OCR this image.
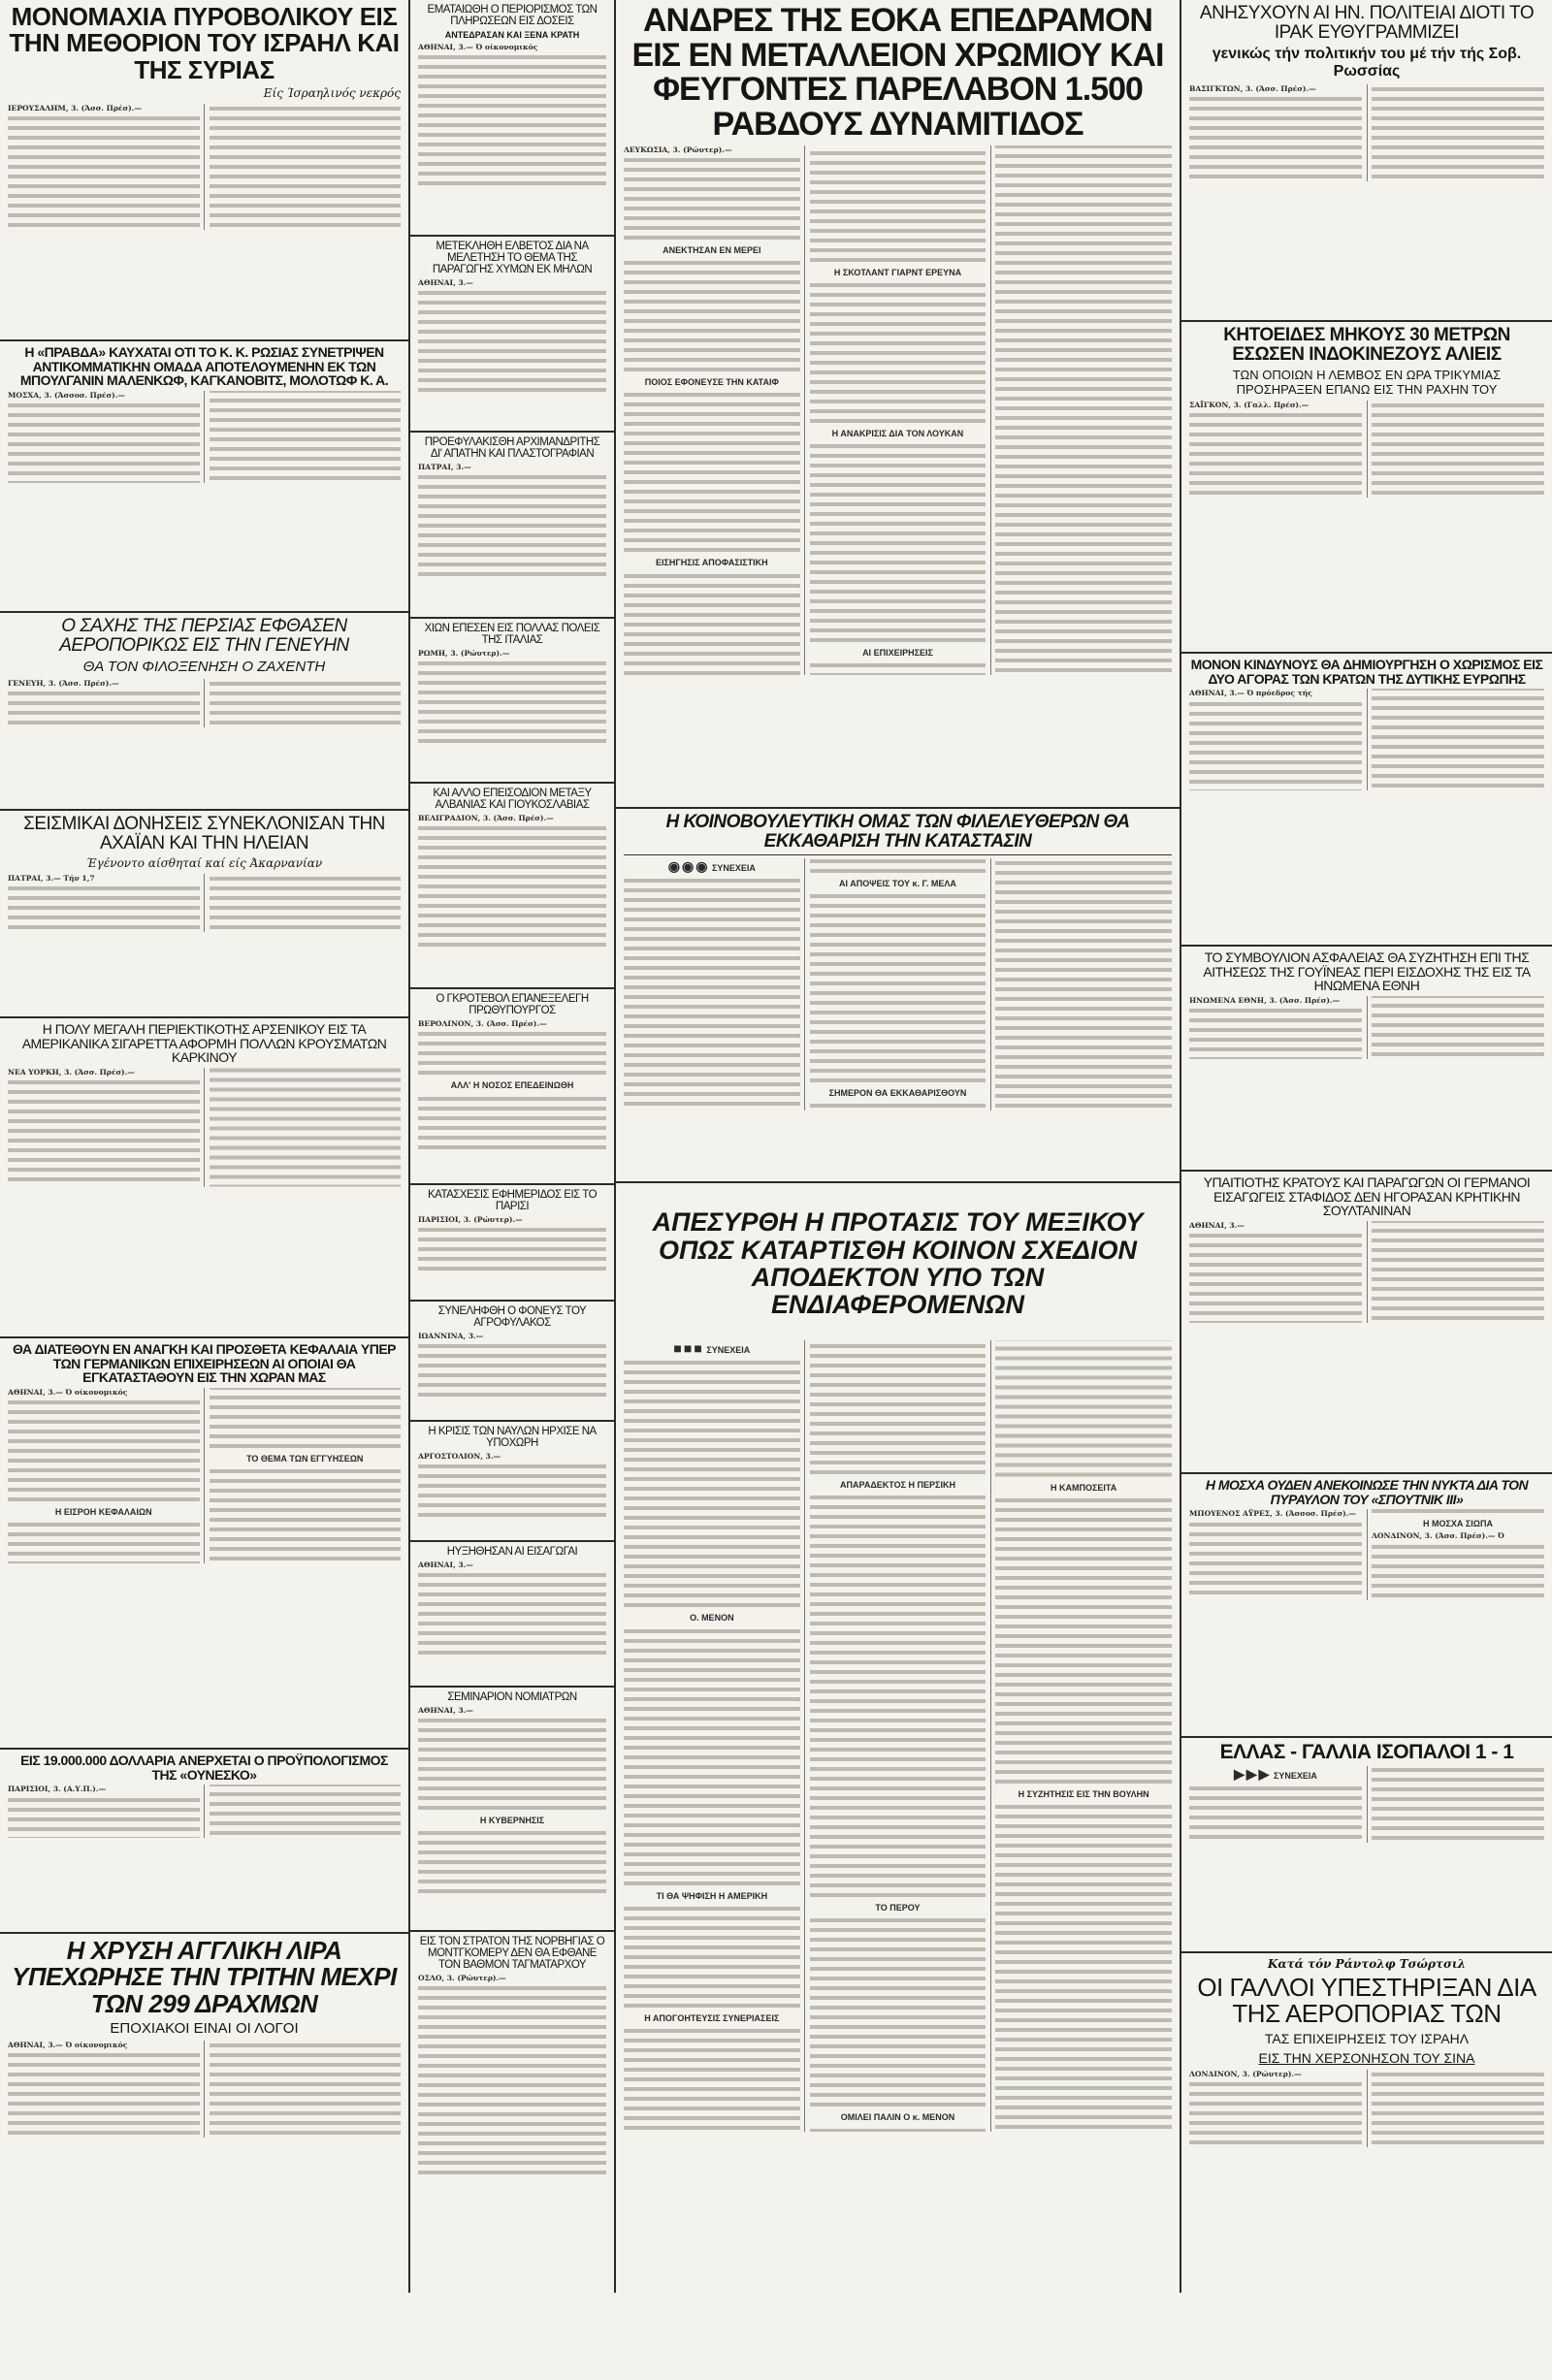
ΜΟΝΟΜΑΧΙΑ ΠΥΡΟΒΟΛΙΚΟΥ ΕΙΣ ΤΗΝ ΜΕΘΟΡΙΟΝ ΤΟΥ ΙΣΡΑΗΛ ΚΑΙ ΤΗΣ ΣΥΡΙΑΣ
Είς Ίσραηλινός νεκρός
ΙΕΡΟΥΣΑΛΗΜ, 3. (Άσσ. Πρέσ).—
Η «ΠΡΑΒΔΑ» ΚΑΥΧΑΤΑΙ ΟΤΙ ΤΟ Κ. Κ. ΡΩΣΙΑΣ ΣΥΝΕΤΡΙΨΕΝ ΑΝΤΙΚΟΜΜΑΤΙΚΗΝ ΟΜΑΔΑ ΑΠΟΤΕΛΟΥΜΕΝΗΝ ΕΚ ΤΩΝ ΜΠΟΥΛΓΑΝΙΝ ΜΑΛΕΝΚΩΦ, ΚΑΓΚΑΝΟΒΙΤΣ, ΜΟΛΟΤΩΦ Κ. Α.
ΜΟΣΧΑ, 3. (Άσσοσ. Πρέσ).—
Ο ΣΑΧΗΣ ΤΗΣ ΠΕΡΣΙΑΣ ΕΦΘΑΣΕΝ ΑΕΡΟΠΟΡΙΚΩΣ ΕΙΣ ΤΗΝ ΓΕΝΕΥΗΝ
ΘΑ ΤΟΝ ΦΙΛΟΞΕΝΗΣΗ Ο ΖΑΧΕΝΤΗ
ΓΕΝΕΥΗ, 3. (Άσσ. Πρέσ).—
ΣΕΙΣΜΙΚΑΙ ΔΟΝΗΣΕΙΣ ΣΥΝΕΚΛΟΝΙΣΑΝ ΤΗΝ ΑΧΑΪΑΝ ΚΑΙ ΤΗΝ ΗΛΕΙΑΝ
Έγένοντο αίσθηταί καί είς Άκαρνανίαν
ΠΑΤΡΑΙ, 3.— Τήν 1,7
Η ΠΟΛΥ ΜΕΓΑΛΗ ΠΕΡΙΕΚΤΙΚΟΤΗΣ ΑΡΣΕΝΙΚΟΥ ΕΙΣ ΤΑ ΑΜΕΡΙΚΑΝΙΚΑ ΣΙΓΑΡΕΤΤΑ ΑΦΟΡΜΗ ΠΟΛΛΩΝ ΚΡΟΥΣΜΑΤΩΝ ΚΑΡΚΙΝΟΥ
ΝΕΑ ΥΟΡΚΗ, 3. (Άσσ. Πρέσ).—
ΘΑ ΔΙΑΤΕΘΟΥΝ ΕΝ ΑΝΑΓΚΗ ΚΑΙ ΠΡΟΣΘΕΤΑ ΚΕΦΑΛΑΙΑ ΥΠΕΡ ΤΩΝ ΓΕΡΜΑΝΙΚΩΝ ΕΠΙΧΕΙΡΗΣΕΩΝ ΑΙ ΟΠΟΙΑΙ ΘΑ ΕΓΚΑΤΑΣΤΑΘΟΥΝ ΕΙΣ ΤΗΝ ΧΩΡΑΝ ΜΑΣ
ΑΘΗΝΑΙ, 3.— Ό οίκονομικός
Η ΕΙΣΡΟΗ ΚΕΦΑΛΑΙΩΝ
ΤΟ ΘΕΜΑ ΤΩΝ ΕΓΓΥΗΣΕΩΝ
ΕΙΣ 19.000.000 ΔΟΛΛΑΡΙΑ ΑΝΕΡΧΕΤΑΙ Ο ΠΡΟΫΠΟΛΟΓΙΣΜΟΣ ΤΗΣ «ΟΥΝΕΣΚΟ»
ΠΑΡΙΣΙΟΙ, 3. (Α.Υ.Π.).—
Η ΧΡΥΣΗ ΑΓΓΛΙΚΗ ΛΙΡΑ ΥΠΕΧΩΡΗΣΕ ΤΗΝ ΤΡΙΤΗΝ ΜΕΧΡΙ ΤΩΝ 299 ΔΡΑΧΜΩΝ
ΕΠΟΧΙΑΚΟΙ ΕΙΝΑΙ ΟΙ ΛΟΓΟΙ
ΑΘΗΝΑΙ, 3.— Ό οίκονομικός
ΕΜΑΤΑΙΩΘΗ Ο ΠΕΡΙΟΡΙΣΜΟΣ ΤΩΝ ΠΛΗΡΩΣΕΩΝ ΕΙΣ ΔΟΣΕΙΣ
ΑΝΤΕΔΡΑΣΑΝ ΚΑΙ ΞΕΝΑ ΚΡΑΤΗ
ΑΘΗΝΑΙ, 3.— Ό οίκονομικός
ΜΕΤΕΚΛΗΘΗ ΕΛΒΕΤΟΣ ΔΙΑ ΝΑ ΜΕΛΕΤΗΣΗ ΤΟ ΘΕΜΑ ΤΗΣ ΠΑΡΑΓΩΓΗΣ ΧΥΜΩΝ ΕΚ ΜΗΛΩΝ
ΑΘΗΝΑΙ, 3.—
ΠΡΟΕΦΥΛΑΚΙΣΘΗ ΑΡΧΙΜΑΝΔΡΙΤΗΣ ΔΙ' ΑΠΑΤΗΝ ΚΑΙ ΠΛΑΣΤΟΓΡΑΦΙΑΝ
ΠΑΤΡΑΙ, 3.—
ΧΙΩΝ ΕΠΕΣΕΝ ΕΙΣ ΠΟΛΛΑΣ ΠΟΛΕΙΣ ΤΗΣ ΙΤΑΛΙΑΣ
ΡΩΜΗ, 3. (Ρώυτερ).—
ΚΑΙ ΑΛΛΟ ΕΠΕΙΣΟΔΙΟΝ ΜΕΤΑΞΥ ΑΛΒΑΝΙΑΣ ΚΑΙ ΓΙΟΥΚΟΣΛΑΒΙΑΣ
ΒΕΛΙΓΡΑΔΙΟΝ, 3. (Άσσ. Πρέσ).—
Ο ΓΚΡΟΤΕΒΟΛ ΕΠΑΝΕΞΕΛΕΓΗ ΠΡΩΘΥΠΟΥΡΓΟΣ
ΒΕΡΟΛΙΝΟΝ, 3. (Άσσ. Πρέσ).—
ΑΛΛ' Η ΝΟΣΟΣ ΕΠΕΔΕΙΝΩΘΗ
ΚΑΤΑΣΧΕΣΙΣ ΕΦΗΜΕΡΙΔΟΣ ΕΙΣ ΤΟ ΠΑΡΙΣΙ
ΠΑΡΙΣΙΟΙ, 3. (Ρώυτερ).—
ΣΥΝΕΛΗΦΘΗ Ο ΦΟΝΕΥΣ ΤΟΥ ΑΓΡΟΦΥΛΑΚΟΣ
ΙΩΑΝΝΙΝΑ, 3.—
Η ΚΡΙΣΙΣ ΤΩΝ ΝΑΥΛΩΝ ΗΡΧΙΣΕ ΝΑ ΥΠΟΧΩΡΗ
ΑΡΓΟΣΤΟΛΙΟΝ, 3.—
ΗΥΞΗΘΗΣΑΝ ΑΙ ΕΙΣΑΓΩΓΑΙ
ΑΘΗΝΑΙ, 3.—
ΣΕΜΙΝΑΡΙΟΝ ΝΟΜΙΑΤΡΩΝ
ΑΘΗΝΑΙ, 3.—
Η ΚΥΒΕΡΝΗΣΙΣ
ΕΙΣ ΤΟΝ ΣΤΡΑΤΟΝ ΤΗΣ ΝΟΡΒΗΓΙΑΣ Ο ΜΟΝΤΓΚΟΜΕΡΥ ΔΕΝ ΘΑ ΕΦΘΑΝΕ ΤΟΝ ΒΑΘΜΟΝ ΤΑΓΜΑΤΑΡΧΟΥ
ΟΣΛΟ, 3. (Ρώυτερ).—
ΑΝΔΡΕΣ ΤΗΣ ΕΟΚΑ ΕΠΕΔΡΑΜΟΝ ΕΙΣ ΕΝ ΜΕΤΑΛΛΕΙΟΝ ΧΡΩΜΙΟΥ ΚΑΙ ΦΕΥΓΟΝΤΕΣ ΠΑΡΕΛΑΒΟΝ 1.500 ΡΑΒΔΟΥΣ ΔΥΝΑΜΙΤΙΔΟΣ
ΛΕΥΚΩΣΙΑ, 3. (Ρώυτερ).—
ΑΝΕΚΤΗΣΑΝ ΕΝ ΜΕΡΕΙ
ΠΟΙΟΣ ΕΦΟΝΕΥΣΕ ΤΗΝ ΚΑΤΑΙΦ
ΕΙΣΗΓΗΣΙΣ ΑΠΟΦΑΣΙΣΤΙΚΗ
Η ΣΚΟΤΛΑΝΤ ΓΙΑΡΝΤ ΕΡΕΥΝΑ
Η ΑΝΑΚΡΙΣΙΣ ΔΙΑ ΤΟΝ ΛΟΥΚΑΝ
ΑΙ ΕΠΙΧΕΙΡΗΣΕΙΣ
Η ΚΟΙΝΟΒΟΥΛΕΥΤΙΚΗ ΟΜΑΣ ΤΩΝ ΦΙΛΕΛΕΥΘΕΡΩΝ ΘΑ ΕΚΚΑΘΑΡΙΣΗ ΤΗΝ ΚΑΤΑΣΤΑΣΙΝ
◉◉◉ ΣΥΝΕΧΕΙΑ
ΑΙ ΑΠΟΨΕΙΣ ΤΟΥ κ. Γ. ΜΕΛΑ
ΣΗΜΕΡΟΝ ΘΑ ΕΚΚΑΘΑΡΙΣΘΟΥΝ
ΑΠΕΣΥΡΘΗ Η ΠΡΟΤΑΣΙΣ ΤΟΥ ΜΕΞΙΚΟΥ ΟΠΩΣ ΚΑΤΑΡΤΙΣΘΗ ΚΟΙΝΟΝ ΣΧΕΔΙΟΝ ΑΠΟΔΕΚΤΟΝ ΥΠΟ ΤΩΝ ΕΝΔΙΑΦΕΡΟΜΕΝΩΝ
■■■ ΣΥΝΕΧΕΙΑ
Ο. ΜΕΝΟΝ
ΤΙ ΘΑ ΨΗΦΙΣΗ Η ΑΜΕΡΙΚΗ
Η ΑΠΟΓΟΗΤΕΥΣΙΣ ΣΥΝΕΡΙΑΣΕΙΣ
ΑΠΑΡΑΔΕΚΤΟΣ Η ΠΕΡΣΙΚΗ
ΤΟ ΠΕΡΟΥ
ΟΜΙΛΕΙ ΠΑΛΙΝ Ο κ. ΜΕΝΟΝ
Η ΚΑΜΠΟΣΕΙΤΑ
Η ΣΥΖΗΤΗΣΙΣ ΕΙΣ ΤΗΝ ΒΟΥΛΗΝ
ΑΝΗΣΥΧΟΥΝ ΑΙ ΗΝ. ΠΟΛΙΤΕΙΑΙ ΔΙΟΤΙ ΤΟ ΙΡΑΚ ΕΥΘΥΓΡΑΜΜΙΖΕΙ
γενικώς τήν πολιτικήν του μέ τήν τής Σοβ. Ρωσσίας
ΒΑΣΙΓΚΤΩΝ, 3. (Άσσ. Πρέσ).—
ΚΗΤΟΕΙΔΕΣ ΜΗΚΟΥΣ 30 ΜΕΤΡΩΝ ΕΣΩΣΕΝ ΙΝΔΟΚΙΝΕΖΟΥΣ ΑΛΙΕΙΣ
ΤΩΝ ΟΠΟΙΩΝ Η ΛΕΜΒΟΣ ΕΝ ΩΡΑ ΤΡΙΚΥΜΙΑΣ ΠΡΟΣΗΡΑΞΕΝ ΕΠΑΝΩ ΕΙΣ ΤΗΝ ΡΑΧΗΝ ΤΟΥ
ΣΑΪΓΚΟΝ, 3. (Γαλλ. Πρέσ).—
ΜΟΝΟΝ ΚΙΝΔΥΝΟΥΣ ΘΑ ΔΗΜΙΟΥΡΓΗΣΗ Ο ΧΩΡΙΣΜΟΣ ΕΙΣ ΔΥΟ ΑΓΟΡΑΣ ΤΩΝ ΚΡΑΤΩΝ ΤΗΣ ΔΥΤΙΚΗΣ ΕΥΡΩΠΗΣ
ΑΘΗΝΑΙ, 3.— Ό πρόεδρος τής
ΤΟ ΣΥΜΒΟΥΛΙΟΝ ΑΣΦΑΛΕΙΑΣ ΘΑ ΣΥΖΗΤΗΣΗ ΕΠΙ ΤΗΣ ΑΙΤΗΣΕΩΣ ΤΗΣ ΓΟΥΪΝΕΑΣ ΠΕΡΙ ΕΙΣΔΟΧΗΣ ΤΗΣ ΕΙΣ ΤΑ ΗΝΩΜΕΝΑ ΕΘΝΗ
ΗΝΩΜΕΝΑ ΕΘΝΗ, 3. (Άσσ. Πρέσ).—
ΥΠΑΙΤΙΟΤΗΣ ΚΡΑΤΟΥΣ ΚΑΙ ΠΑΡΑΓΩΓΩΝ ΟΙ ΓΕΡΜΑΝΟΙ ΕΙΣΑΓΩΓΕΙΣ ΣΤΑΦΙΔΟΣ ΔΕΝ ΗΓΟΡΑΣΑΝ ΚΡΗΤΙΚΗΝ ΣΟΥΛΤΑΝΙΝΑΝ
ΑΘΗΝΑΙ, 3.—
Η ΜΟΣΧΑ ΟΥΔΕΝ ΑΝΕΚΟΙΝΩΣΕ ΤΗΝ ΝΥΚΤΑ ΔΙΑ ΤΟΝ ΠΥΡΑΥΛΟΝ ΤΟΥ «ΣΠΟΥΤΝΙΚ ΙΙΙ»
ΜΠΟΥΕΝΟΣ ΑΫΡΕΣ, 3. (Άσσοσ. Πρέσ).—
Η ΜΟΣΧΑ ΣΙΩΠΑ
ΛΟΝΔΙΝΟΝ, 3. (Άσσ. Πρέσ).— Ό
ΕΛΛΑΣ - ΓΑΛΛΙΑ ΙΣΟΠΑΛΟΙ 1 - 1
▶▶▶ ΣΥΝΕΧΕΙΑ
Κατά τόν Ράντολφ Τσώρτσιλ
ΟΙ ΓΑΛΛΟΙ ΥΠΕΣΤΗΡΙΞΑΝ ΔΙΑ ΤΗΣ ΑΕΡΟΠΟΡΙΑΣ ΤΩΝ
ΤΑΣ ΕΠΙΧΕΙΡΗΣΕΙΣ ΤΟΥ ΙΣΡΑΗΛ
ΕΙΣ ΤΗΝ ΧΕΡΣΟΝΗΣΟΝ ΤΟΥ ΣΙΝΑ
ΛΟΝΔΙΝΟΝ, 3. (Ρώυτερ).—
